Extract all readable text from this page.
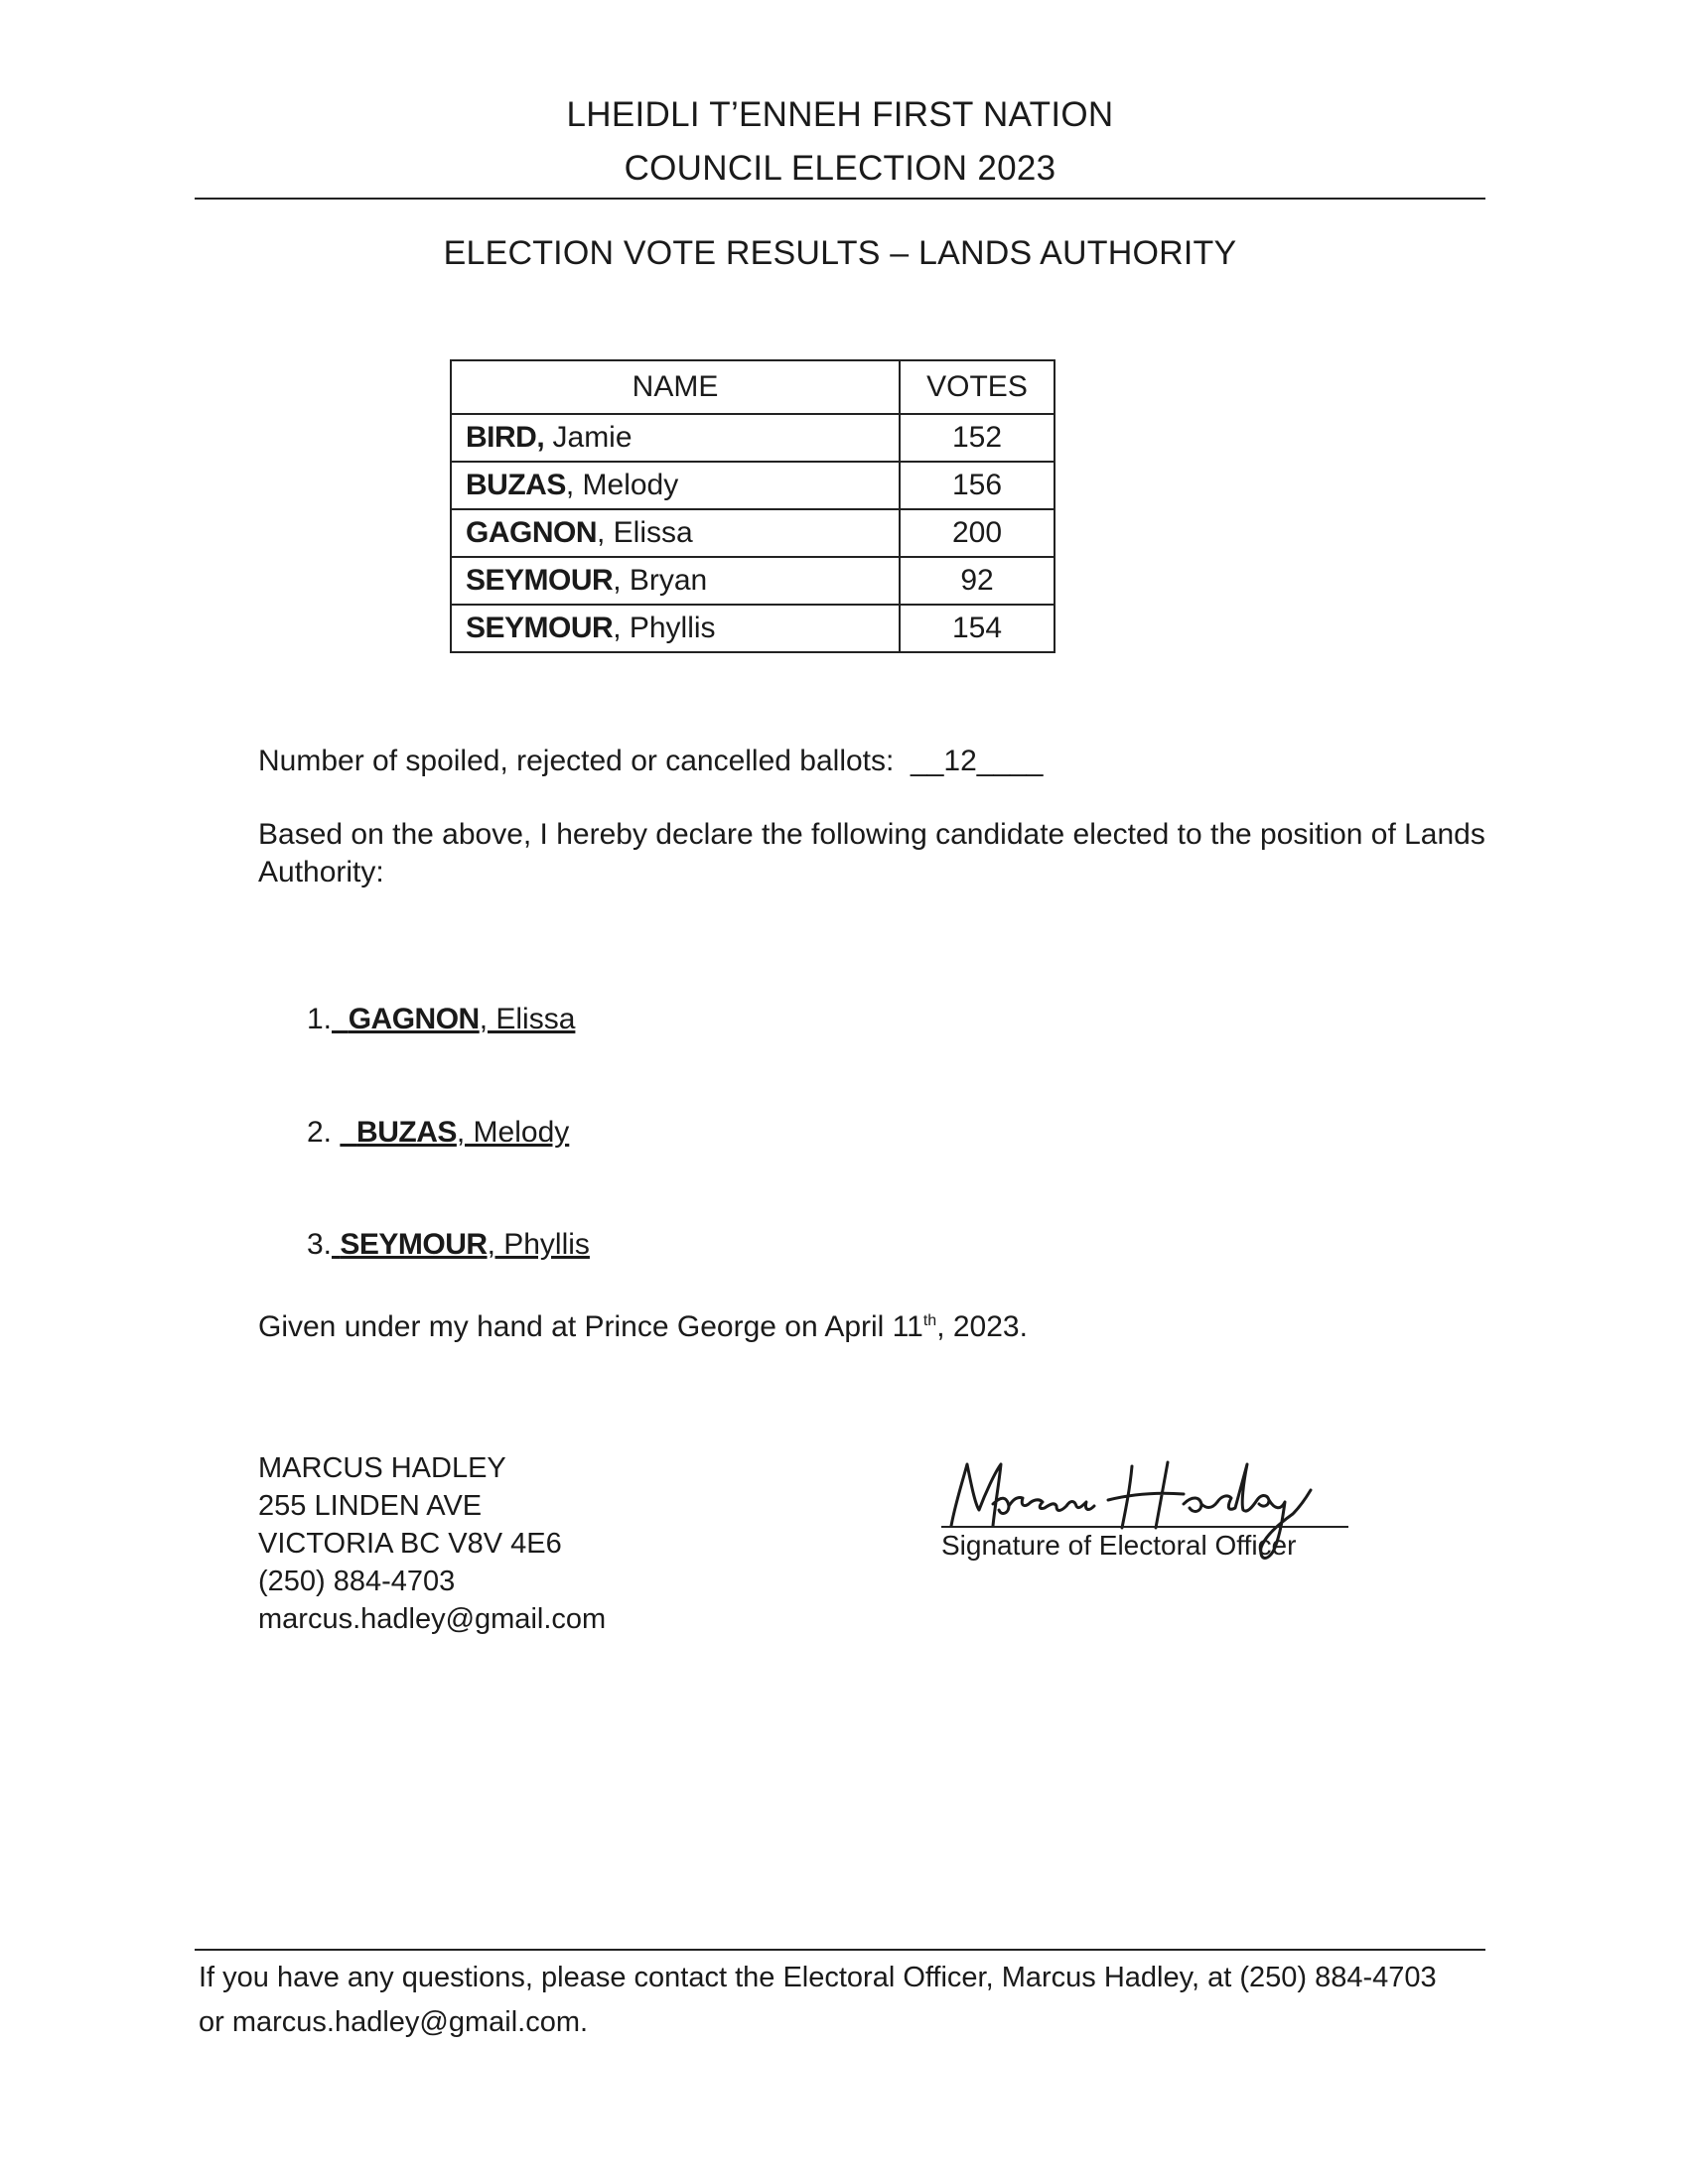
LHEIDLI T’ENNEH FIRST NATION
COUNCIL ELECTION 2023
ELECTION VOTE RESULTS – LANDS AUTHORITY
NAME	VOTES
BIRD, Jamie	152
BUZAS, Melody	156
GAGNON, Elissa	200
SEYMOUR, Bryan	92
SEYMOUR, Phyllis	154
Number of spoiled, rejected or cancelled ballots: __12____
Based on the above, I hereby declare the following candidate elected to the position of Lands Authority:
1. GAGNON, Elissa
2. BUZAS, Melody
3. SEYMOUR, Phyllis
Given under my hand at Prince George on April 11th, 2023.
MARCUS HADLEY
255 LINDEN AVE
VICTORIA BC V8V 4E6
(250) 884-4703
marcus.hadley@gmail.com
Signature of Electoral Officer
If you have any questions, please contact the Electoral Officer, Marcus Hadley, at (250) 884-4703
or marcus.hadley@gmail.com.
